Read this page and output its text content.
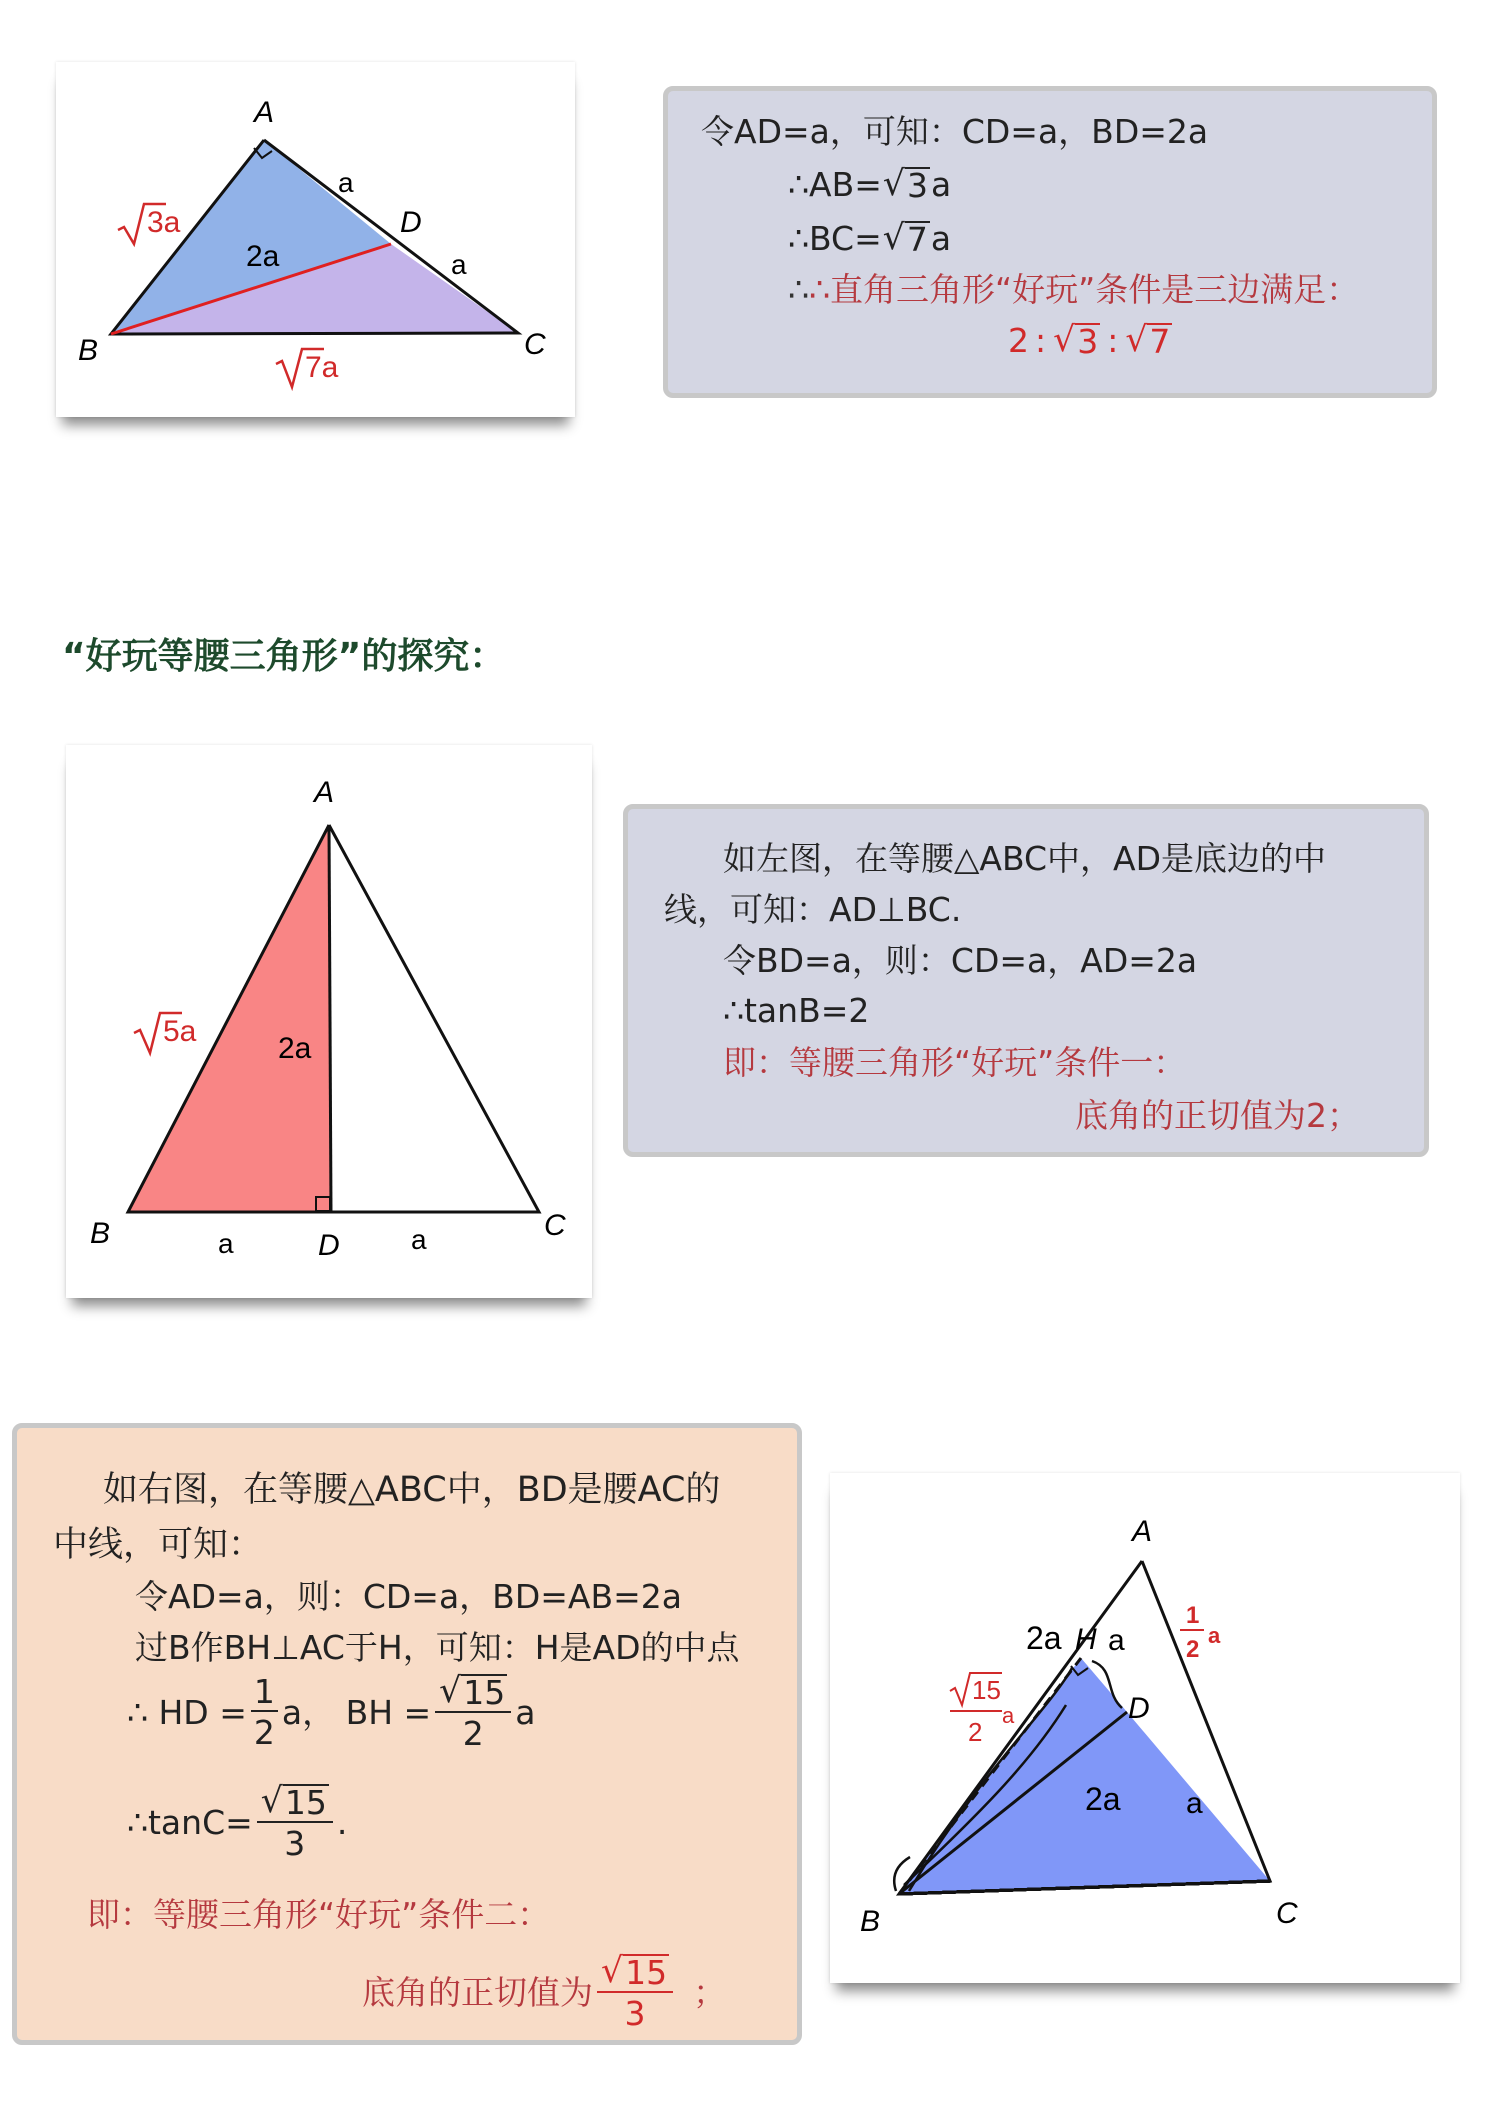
A
B	C
D
a
a
2a
3a
7a
令AD=a，可知：CD=a，BD=2a
∴AB= √ 3 a
∴BC= √ 7 a
∴ ∴直角三角形“好玩”条件是三边满足：
2 : √ 3 : √ 7
“好玩等腰三角形”的探究：
A
B	C
D
a	a
2a
5a
如左图，在等腰△ABC中，AD是底边的中
线，可知：AD⊥BC.
令BD=a，则：CD=a，AD=2a
∴tanB=2
即：等腰三角形“好玩”条件一：
底角的正切值为2；
如右图，在等腰△ABC中，BD是腰AC的
中线，可知：
令AD=a，则：CD=a，BD=AB=2a
过B作BH⊥AC于H，可知：H是AD的中点
∴ HD = $\frac{1}{2}$ a， BH = $\frac{√ 15}{2}$ a
∴tanC= $\frac{√ 15}{3}$ .
即：等腰三角形“好玩”条件二：
底角的正切值为 $\frac{√ 15}{3}$ ；
A
B	C
D
H
2a a
a
2a
1
2
a
15
2
a
